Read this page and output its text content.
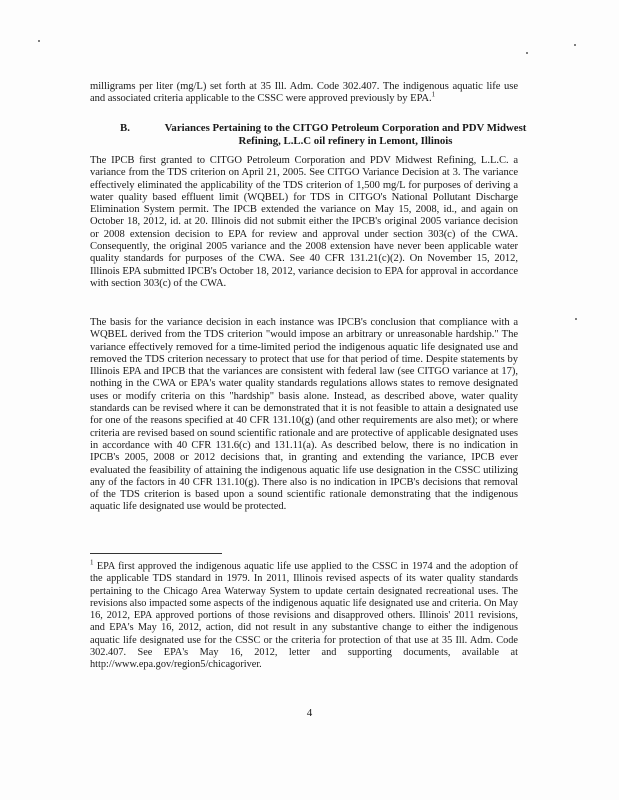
milligrams per liter (mg/L) set forth at 35 Ill. Adm. Code 302.407. The indigenous aquatic life use and associated criteria applicable to the CSSC were approved previously by EPA.$^1$
B.	Variances Pertaining to the CITGO Petroleum Corporation and PDV Midwest Refining, L.L.C oil refinery in Lemont, Illinois
The IPCB first granted to CITGO Petroleum Corporation and PDV Midwest Refining, L.L.C. a variance from the TDS criterion on April 21, 2005. See CITGO Variance Decision at 3. The variance effectively eliminated the applicability of the TDS criterion of 1,500 mg/L for purposes of deriving a water quality based effluent limit (WQBEL) for TDS in CITGO's National Pollutant Discharge Elimination System permit. The IPCB extended the variance on May 15, 2008, id., and again on October 18, 2012, id. at 20. Illinois did not submit either the IPCB's original 2005 variance decision or 2008 extension decision to EPA for review and approval under section 303(c) of the CWA. Consequently, the original 2005 variance and the 2008 extension have never been applicable water quality standards for purposes of the CWA. See 40 CFR 131.21(c)(2). On November 15, 2012, Illinois EPA submitted IPCB's October 18, 2012, variance decision to EPA for approval in accordance with section 303(c) of the CWA.
The basis for the variance decision in each instance was IPCB's conclusion that compliance with a WQBEL derived from the TDS criterion "would impose an arbitrary or unreasonable hardship." The variance effectively removed for a time-limited period the indigenous aquatic life designated use and removed the TDS criterion necessary to protect that use for that period of time. Despite statements by Illinois EPA and IPCB that the variances are consistent with federal law (see CITGO variance at 17), nothing in the CWA or EPA's water quality standards regulations allows states to remove designated uses or modify criteria on this "hardship" basis alone. Instead, as described above, water quality standards can be revised where it can be demonstrated that it is not feasible to attain a designated use for one of the reasons specified at 40 CFR 131.10(g) (and other requirements are also met); or where criteria are revised based on sound scientific rationale and are protective of applicable designated uses in accordance with 40 CFR 131.6(c) and 131.11(a). As described below, there is no indication in IPCB's 2005, 2008 or 2012 decisions that, in granting and extending the variance, IPCB ever evaluated the feasibility of attaining the indigenous aquatic life use designation in the CSSC utilizing any of the factors in 40 CFR 131.10(g). There also is no indication in IPCB's decisions that removal of the TDS criterion is based upon a sound scientific rationale demonstrating that the indigenous aquatic life designated use would be protected.
$^1$ EPA first approved the indigenous aquatic life use applied to the CSSC in 1974 and the adoption of the applicable TDS standard in 1979. In 2011, Illinois revised aspects of its water quality standards pertaining to the Chicago Area Waterway System to update certain designated recreational uses. The revisions also impacted some aspects of the indigenous aquatic life designated use and criteria. On May 16, 2012, EPA approved portions of those revisions and disapproved others. Illinois' 2011 revisions, and EPA's May 16, 2012, action, did not result in any substantive change to either the indigenous aquatic life designated use for the CSSC or the criteria for protection of that use at 35 Ill. Adm. Code 302.407. See EPA's May 16, 2012, letter and supporting documents, available at http://www.epa.gov/region5/chicagoriver.
4
